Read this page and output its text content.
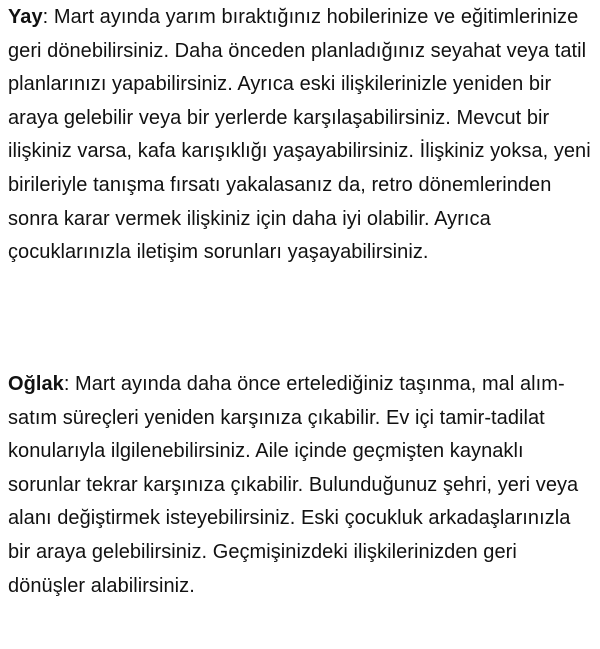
Yay: Mart ayında yarım bıraktığınız hobilerinize ve eğitimlerinize geri dönebilirsiniz. Daha önceden planladığınız seyahat veya tatil planlarınızı yapabilirsiniz. Ayrıca eski ilişkilerinizle yeniden bir araya gelebilir veya bir yerlerde karşılaşabilirsiniz. Mevcut bir ilişkiniz varsa, kafa karışıklığı yaşayabilirsiniz. İlişkiniz yoksa, yeni birileriyle tanışma fırsatı yakalasanız da, retro dönemlerinden sonra karar vermek ilişkiniz için daha iyi olabilir. Ayrıca çocuklarınızla iletişim sorunları yaşayabilirsiniz.

Oğlak: Mart ayında daha önce ertelediğiniz taşınma, mal alım-satım süreçleri yeniden karşınıza çıkabilir. Ev içi tamir-tadilat konularıyla ilgilenebilirsiniz. Aile içinde geçmişten kaynaklı sorunlar tekrar karşınıza çıkabilir. Bulunduğunuz şehri, yeri veya alanı değiştirmek isteyebilirsiniz. Eski çocukluk arkadaşlarınızla bir araya gelebilirsiniz. Geçmişinizdeki ilişkilerinizden geri dönüşler alabilirsiniz.
